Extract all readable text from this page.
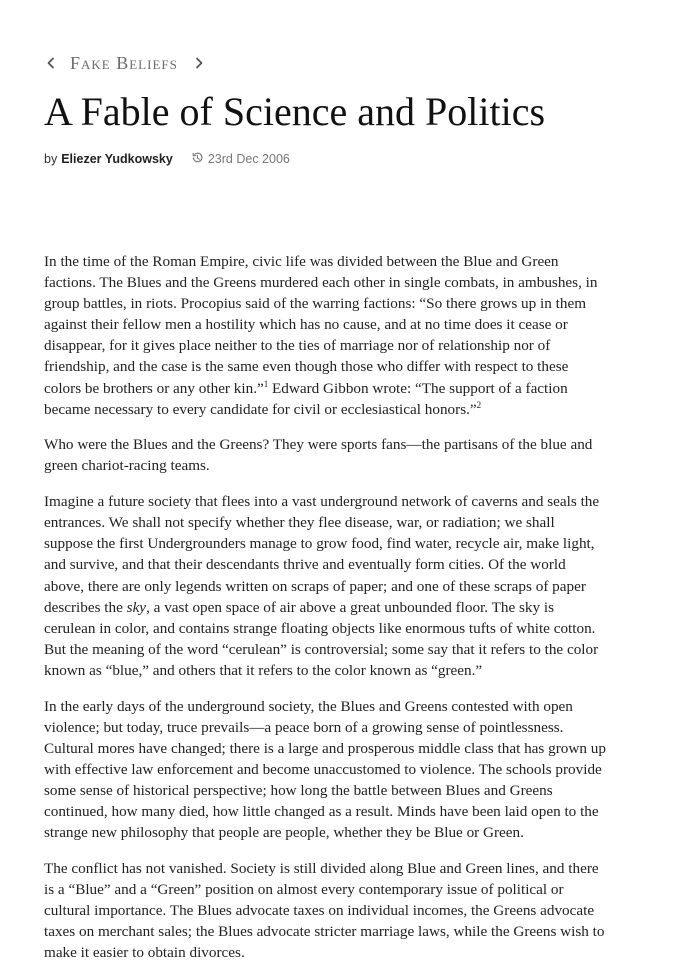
Fake Beliefs
A Fable of Science and Politics
by Eliezer Yudkowsky	23rd Dec 2006

In the time of the Roman Empire, civic life was divided between the Blue and Green factions. The Blues and the Greens murdered each other in single combats, in ambushes, in group battles, in riots. Procopius said of the warring factions: “So there grows up in them against their fellow men a hostility which has no cause, and at no time does it cease or disappear, for it gives place neither to the ties of marriage nor of relationship nor of friendship, and the case is the same even though those who differ with respect to these colors be brothers or any other kin.”$^1$ Edward Gibbon wrote: “The support of a faction became necessary to every candidate for civil or ecclesiastical honors.”$^2$

Who were the Blues and the Greens? They were sports fans—the partisans of the blue and green chariot-racing teams.

Imagine a future society that flees into a vast underground network of caverns and seals the entrances. We shall not specify whether they flee disease, war, or radiation; we shall suppose the first Undergrounders manage to grow food, find water, recycle air, make light, and survive, and that their descendants thrive and eventually form cities. Of the world above, there are only legends written on scraps of paper; and one of these scraps of paper describes the sky, a vast open space of air above a great unbounded floor. The sky is cerulean in color, and contains strange floating objects like enormous tufts of white cotton. But the meaning of the word “cerulean” is controversial; some say that it refers to the color known as “blue,” and others that it refers to the color known as “green.”

In the early days of the underground society, the Blues and Greens contested with open violence; but today, truce prevails—a peace born of a growing sense of pointlessness. Cultural mores have changed; there is a large and prosperous middle class that has grown up with effective law enforcement and become unaccustomed to violence. The schools provide some sense of historical perspective; how long the battle between Blues and Greens continued, how many died, how little changed as a result. Minds have been laid open to the strange new philosophy that people are people, whether they be Blue or Green.

The conflict has not vanished. Society is still divided along Blue and Green lines, and there is a “Blue” and a “Green” position on almost every contemporary issue of political or cultural importance. The Blues advocate taxes on individual incomes, the Greens advocate taxes on merchant sales; the Blues advocate stricter marriage laws, while the Greens wish to make it easier to obtain divorces.
